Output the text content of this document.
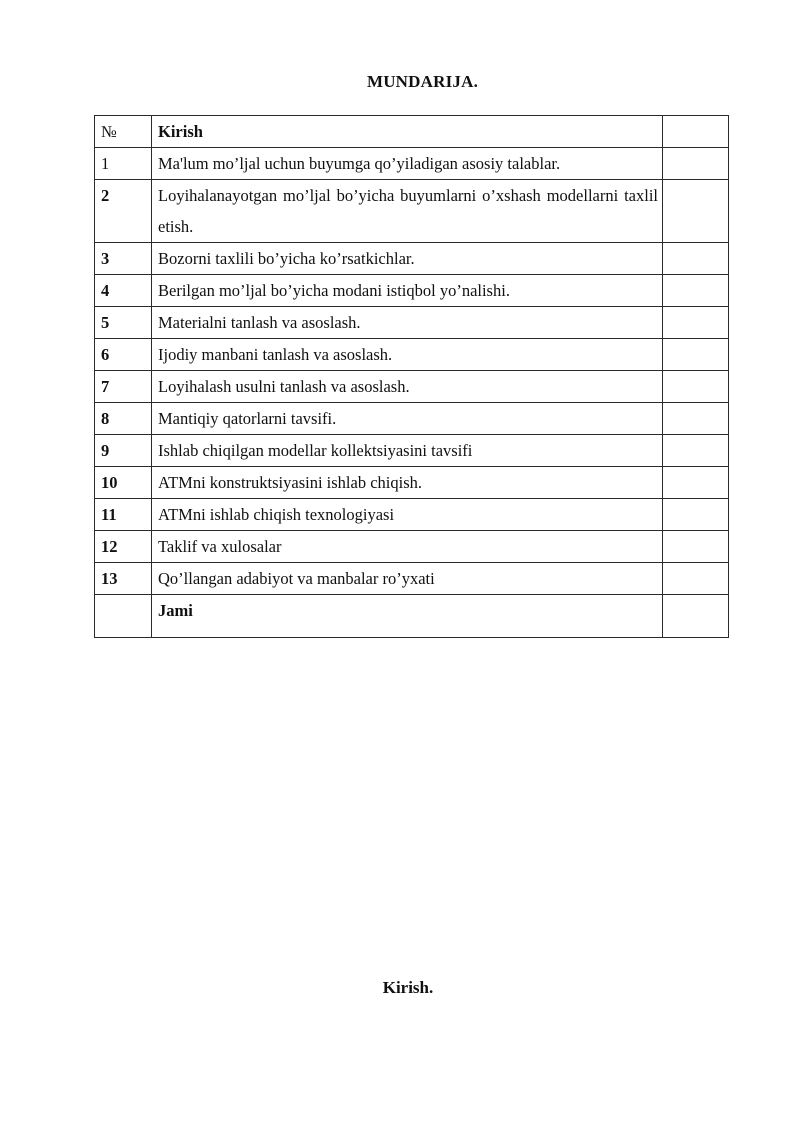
MUNDARIJA.
№	Kirish	
1	Ma'lum mo’ljal uchun buyumga qo’yiladigan asosiy talablar.	
2	Loyihalanayotgan mo’ljal bo’yicha buyumlarni o’xshash modellarni taxlil etish.	
3	Bozorni taxlili bo’yicha ko’rsatkichlar.	
4	Berilgan mo’ljal bo’yicha modani istiqbol yo’nalishi.	
5	Materialni tanlash va asoslash.	
6	Ijodiy manbani tanlash va asoslash.	
7	Loyihalash usulni tanlash va asoslash.	
8	Mantiqiy qatorlarni tavsifi.	
9	Ishlab chiqilgan modellar kollektsiyasini tavsifi	
10	ATMni konstruktsiyasini ishlab chiqish.	
11	ATMni ishlab chiqish texnologiyasi	
12	Taklif va xulosalar	
13	Qo’llangan adabiyot va manbalar ro’yxati	
	Jami	
Kirish.
